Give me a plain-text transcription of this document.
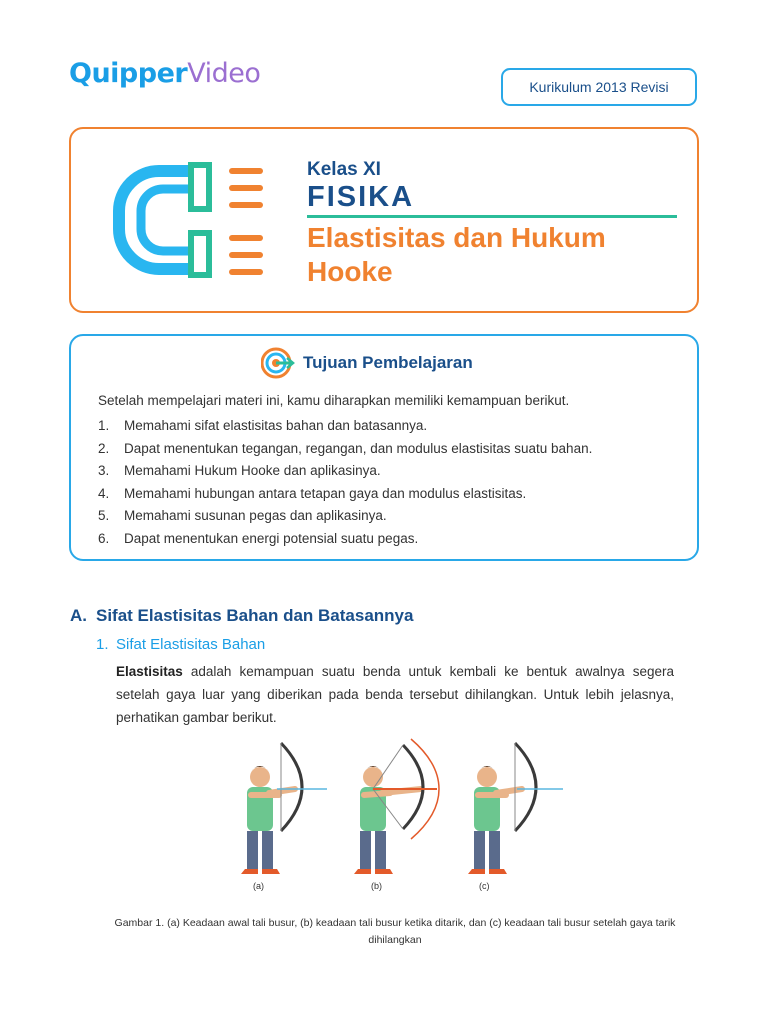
QuipperVideo	Kurikulum 2013 Revisi
Kelas XI
FISIKA
Elastisitas dan Hukum Hooke
Tujuan Pembelajaran
Setelah mempelajari materi ini, kamu diharapkan memiliki kemampuan berikut.
1.	Memahami sifat elastisitas bahan dan batasannya.
2.	Dapat menentukan tegangan, regangan, dan modulus elastisitas suatu bahan.
3.	Memahami Hukum Hooke dan aplikasinya.
4.	Memahami hubungan antara tetapan gaya dan modulus elastisitas.
5.	Memahami susunan pegas dan aplikasinya.
6.	Dapat menentukan energi potensial suatu pegas.
A. Sifat Elastisitas Bahan dan Batasannya
1. Sifat Elastisitas Bahan

Elastisitas adalah kemampuan suatu benda untuk kembali ke bentuk awalnya segera setelah gaya luar yang diberikan pada benda tersebut dihilangkan. Untuk lebih jelasnya, perhatikan gambar berikut.

(a)	(b)	(c)
Gambar 1. (a) Keadaan awal tali busur, (b) keadaan tali busur ketika ditarik, dan (c) keadaan tali busur setelah gaya tarik dihilangkan
